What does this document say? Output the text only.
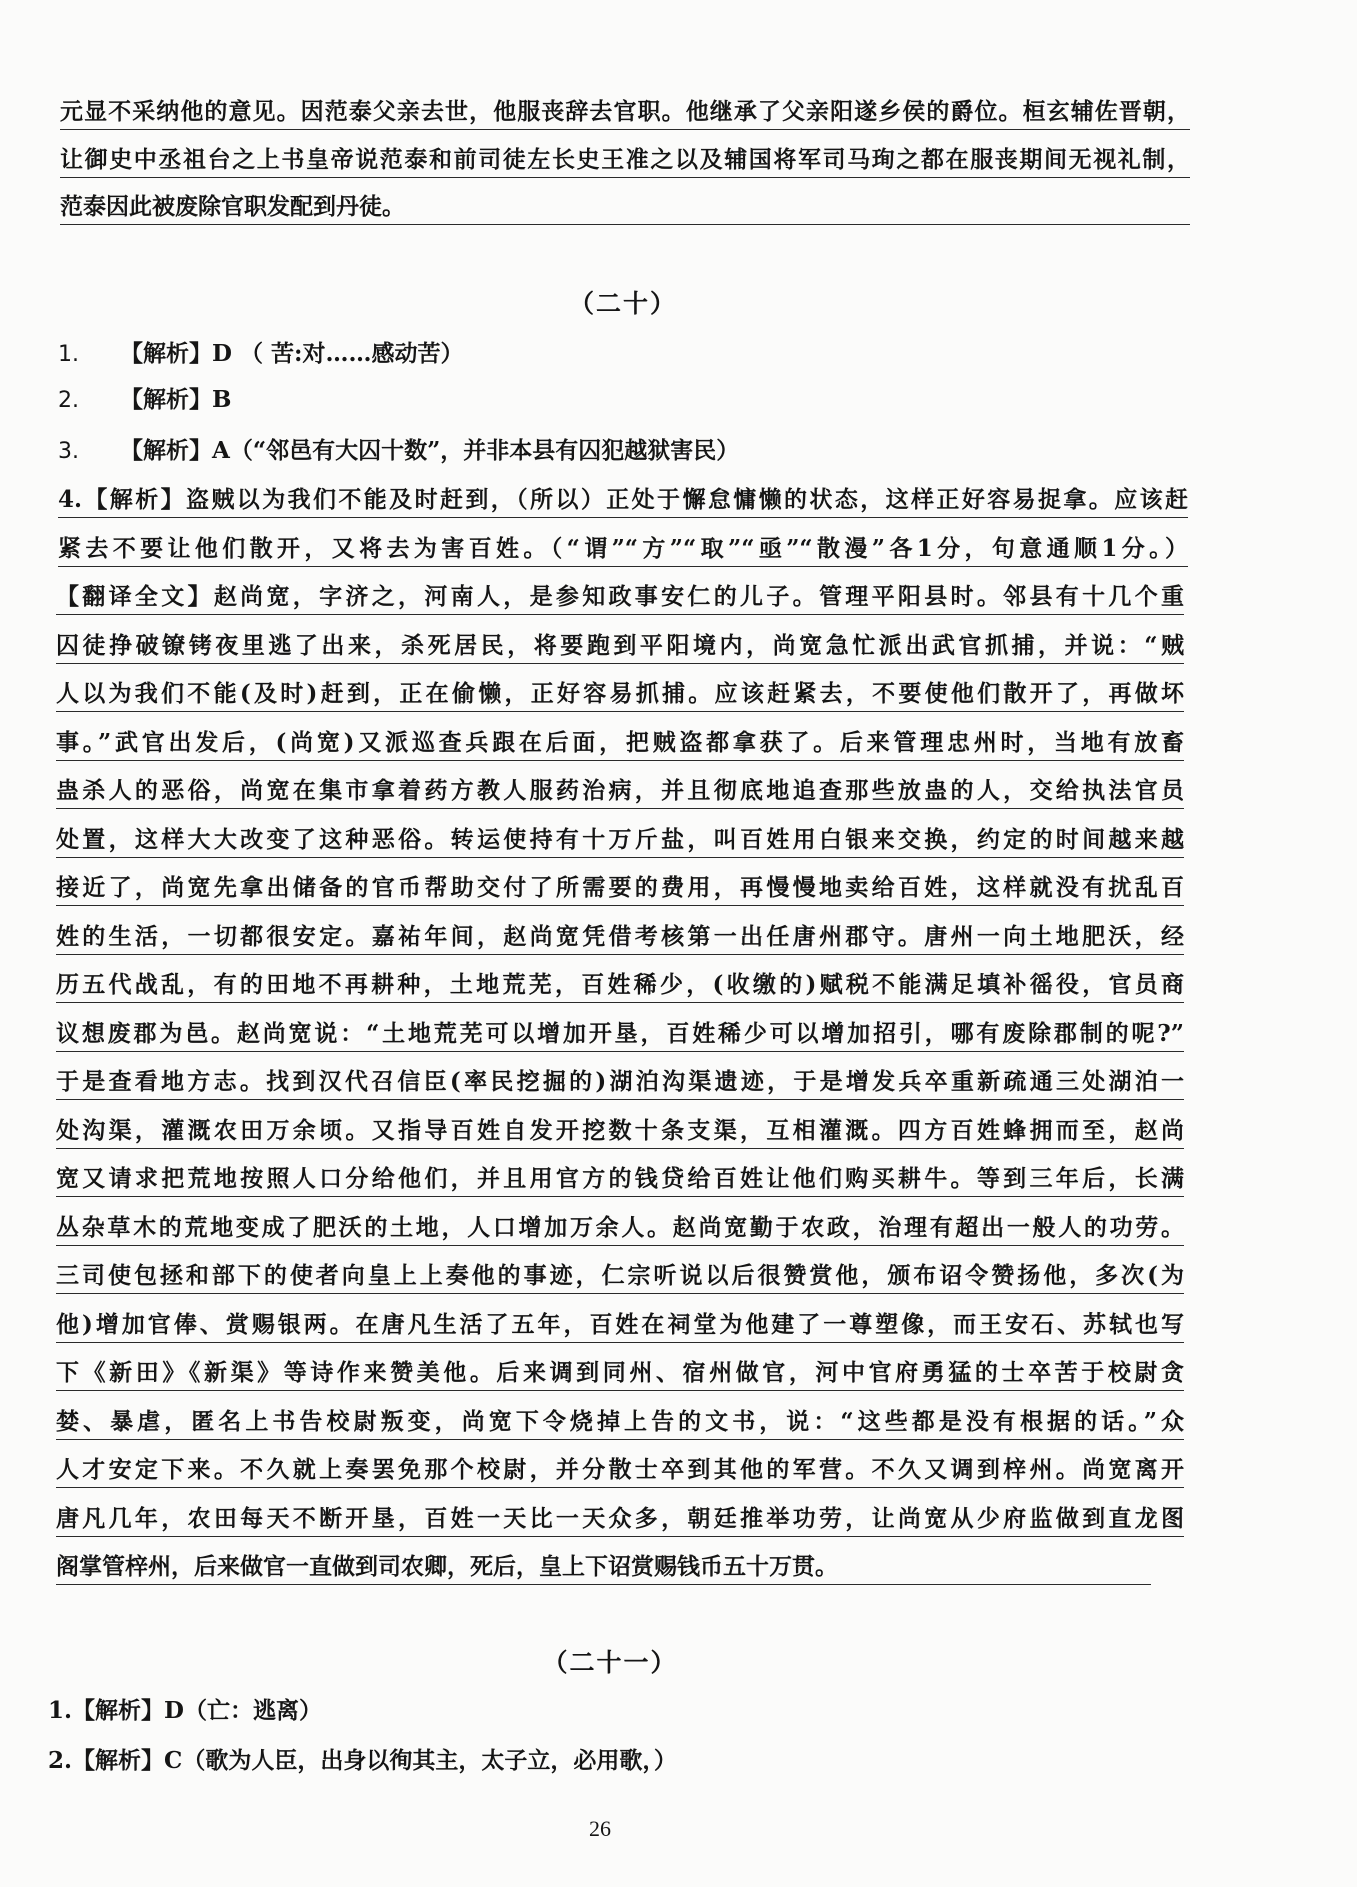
元显不采纳他的意见。因范泰父亲去世，他服丧辞去官职。他继承了父亲阳遂乡侯的爵位。桓玄辅佐晋朝，
让御史中丞祖台之上书皇帝说范泰和前司徒左长史王准之以及辅国将军司马珣之都在服丧期间无视礼制，
范泰因此被废除官职发配到丹徒。
（二十）
1. 【解析】D （ 苦:对……感动苦）
2. 【解析】B
3. 【解析】A（“邻邑有大囚十数”，并非本县有囚犯越狱害民）
4.【解析】盗贼以为我们不能及时赶到，（所以）正处于懈怠慵懒的状态，这样正好容易捉拿。应该赶
紧去不要让他们散开，又将去为害百姓。（“谓”“方”“取”“亟”“散漫”各1分，句意通顺1分。）
【翻译全文】赵尚宽，字济之，河南人，是参知政事安仁的儿子。管理平阳县时。邻县有十几个重
囚徒挣破镣铐夜里逃了出来，杀死居民，将要跑到平阳境内，尚宽急忙派出武官抓捕，并说：“贼
人以为我们不能(及时)赶到，正在偷懒，正好容易抓捕。应该赶紧去，不要使他们散开了，再做坏
事。”武官出发后，(尚宽)又派巡查兵跟在后面，把贼盗都拿获了。后来管理忠州时，当地有放畜
蛊杀人的恶俗，尚宽在集市拿着药方教人服药治病，并且彻底地追查那些放蛊的人，交给执法官员
处置，这样大大改变了这种恶俗。转运使持有十万斤盐，叫百姓用白银来交换，约定的时间越来越
接近了，尚宽先拿出储备的官币帮助交付了所需要的费用，再慢慢地卖给百姓，这样就没有扰乱百
姓的生活，一切都很安定。嘉祐年间，赵尚宽凭借考核第一出任唐州郡守。唐州一向土地肥沃，经
历五代战乱，有的田地不再耕种，土地荒芜，百姓稀少，(收缴的)赋税不能满足填补徭役，官员商
议想废郡为邑。赵尚宽说：“土地荒芜可以增加开垦，百姓稀少可以增加招引，哪有废除郡制的呢?”
于是查看地方志。找到汉代召信臣(率民挖掘的)湖泊沟渠遗迹，于是增发兵卒重新疏通三处湖泊一
处沟渠，灌溉农田万余顷。又指导百姓自发开挖数十条支渠，互相灌溉。四方百姓蜂拥而至，赵尚
宽又请求把荒地按照人口分给他们，并且用官方的钱贷给百姓让他们购买耕牛。等到三年后，长满
丛杂草木的荒地变成了肥沃的土地，人口增加万余人。赵尚宽勤于农政，治理有超出一般人的功劳。
三司使包拯和部下的使者向皇上上奏他的事迹，仁宗听说以后很赞赏他，颁布诏令赞扬他，多次(为
他)增加官俸、赏赐银两。在唐凡生活了五年，百姓在祠堂为他建了一尊塑像，而王安石、苏轼也写
下《新田》《新渠》等诗作来赞美他。后来调到同州、宿州做官，河中官府勇猛的士卒苦于校尉贪
婪、暴虐，匿名上书告校尉叛变，尚宽下令烧掉上告的文书，说：“这些都是没有根据的话。”众
人才安定下来。不久就上奏罢免那个校尉，并分散士卒到其他的军营。不久又调到梓州。尚宽离开
唐凡几年，农田每天不断开垦，百姓一天比一天众多，朝廷推举功劳，让尚宽从少府监做到直龙图
阁掌管梓州，后来做官一直做到司农卿，死后，皇上下诏赏赐钱币五十万贯。
（二十一）
1.【解析】D（亡：逃离）
2.【解析】C（歌为人臣，出身以徇其主，太子立，必用歌，）
26
